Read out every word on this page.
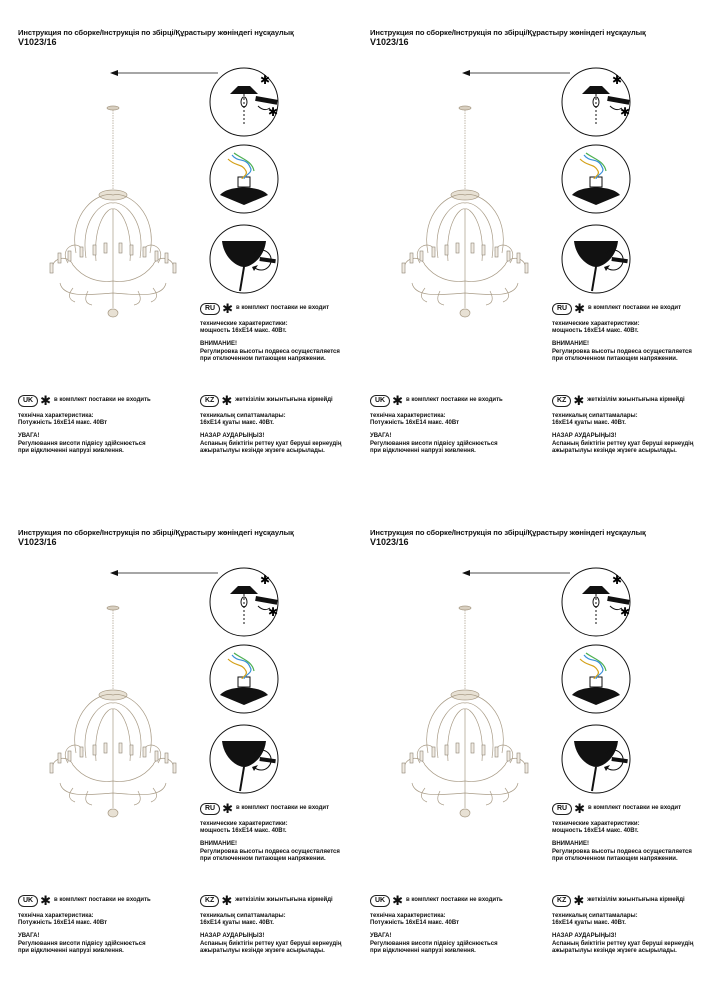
Инструкция по сборке/Інструкція по збірці/Құрастыру жөніндегі нұсқаулық
V1023/16
✱
✱
RU ✱ в комплект поставки не входит
технические характеристики:
мощность 16xE14 макс. 40Вт.
ВНИМАНИЕ!
Регулировка высоты подвеса осуществляется
при отключенном питающем напряжении.
UK ✱ в комплект поставки не входить
технічна характеристика:
Потужність 16xE14 макс. 40Вт
УВАГА!
Регулювання висоти підвісу здійснюється
при відключенні напрузі живлення.
KZ ✱ жеткізілім жиынтығына кірмейді
техникалық сипаттамалары:
16xE14 қуаты макс. 40Вт.
НАЗАР АУДАРЫҢЫЗ!
Аспаның биіктігін реттеу қуат беруші кернеудің
ажыратылуы кезінде жүзеге асырылады.
Инструкция по сборке/Інструкція по збірці/Құрастыру жөніндегі нұсқаулық
V1023/16
✱
✱
RU ✱ в комплект поставки не входит
технические характеристики:
мощность 16xE14 макс. 40Вт.
ВНИМАНИЕ!
Регулировка высоты подвеса осуществляется
при отключенном питающем напряжении.
UK ✱ в комплект поставки не входить
технічна характеристика:
Потужність 16xE14 макс. 40Вт
УВАГА!
Регулювання висоти підвісу здійснюється
при відключенні напрузі живлення.
KZ ✱ жеткізілім жиынтығына кірмейді
техникалық сипаттамалары:
16xE14 қуаты макс. 40Вт.
НАЗАР АУДАРЫҢЫЗ!
Аспаның биіктігін реттеу қуат беруші кернеудің
ажыратылуы кезінде жүзеге асырылады.
Инструкция по сборке/Інструкція по збірці/Құрастыру жөніндегі нұсқаулық
V1023/16
✱
✱
RU ✱ в комплект поставки не входит
технические характеристики:
мощность 16xE14 макс. 40Вт.
ВНИМАНИЕ!
Регулировка высоты подвеса осуществляется
при отключенном питающем напряжении.
UK ✱ в комплект поставки не входить
технічна характеристика:
Потужність 16xE14 макс. 40Вт
УВАГА!
Регулювання висоти підвісу здійснюється
при відключенні напрузі живлення.
KZ ✱ жеткізілім жиынтығына кірмейді
техникалық сипаттамалары:
16xE14 қуаты макс. 40Вт.
НАЗАР АУДАРЫҢЫЗ!
Аспаның биіктігін реттеу қуат беруші кернеудің
ажыратылуы кезінде жүзеге асырылады.
Инструкция по сборке/Інструкція по збірці/Құрастыру жөніндегі нұсқаулық
V1023/16
✱
✱
RU ✱ в комплект поставки не входит
технические характеристики:
мощность 16xE14 макс. 40Вт.
ВНИМАНИЕ!
Регулировка высоты подвеса осуществляется
при отключенном питающем напряжении.
UK ✱ в комплект поставки не входить
технічна характеристика:
Потужність 16xE14 макс. 40Вт
УВАГА!
Регулювання висоти підвісу здійснюється
при відключенні напрузі живлення.
KZ ✱ жеткізілім жиынтығына кірмейді
техникалық сипаттамалары:
16xE14 қуаты макс. 40Вт.
НАЗАР АУДАРЫҢЫЗ!
Аспаның биіктігін реттеу қуат беруші кернеудің
ажыратылуы кезінде жүзеге асырылады.
